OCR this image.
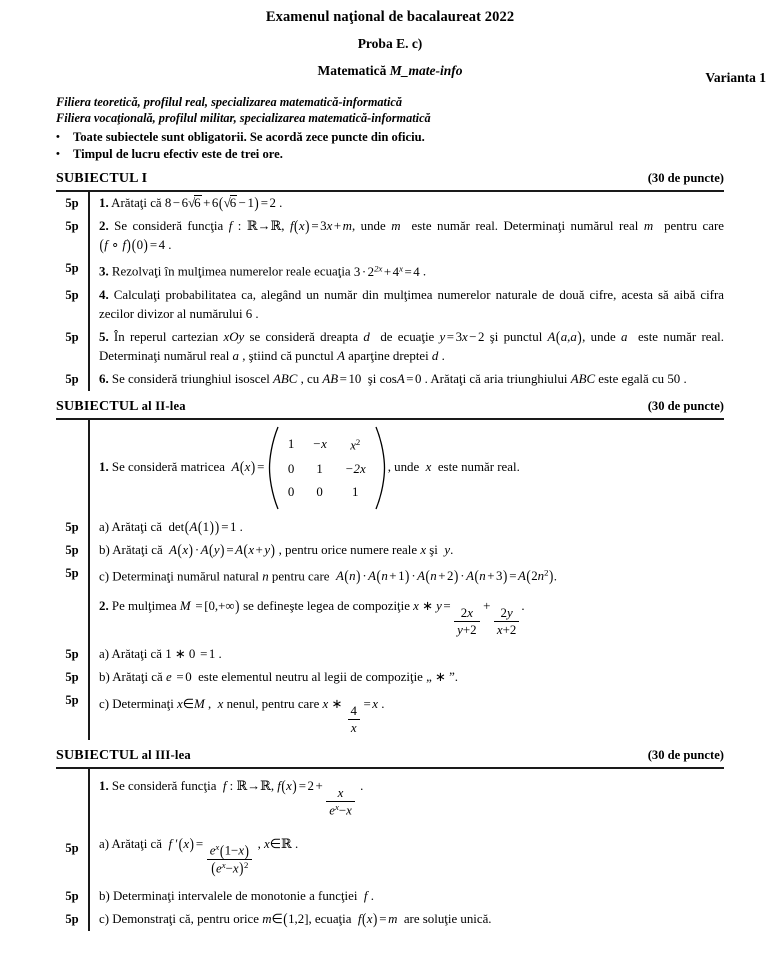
Examenul naţional de bacalaureat 2022
Proba E. c)
Matematică M_mate-info	Varianta 1
Filiera teoretică, profilul real, specializarea matematică-informatică
Filiera vocaţională, profilul militar, specializarea matematică-informatică
•	Toate subiectele sunt obligatorii. Se acordă zece puncte din oficiu.
•	Timpul de lucru efectiv este de trei ore.
SUBIECTUL I	(30 de puncte)
5p	1. Arătaţi că 8 − 6√6 + 6(√6 − 1) = 2 .
5p	2. Se consideră funcţia f : ℝ→ℝ, f(x) = 3x + m, unde m  este număr real. Determinaţi numărul real m  pentru care (f ∘ f)(0) = 4 .
5p	3. Rezolvaţi în mulţimea numerelor reale ecuaţia $3 \cdot 2^{2x} + 4^x = 4$ .
5p	4. Calculaţi probabilitatea ca, alegând un număr din mulţimea numerelor naturale de două cifre, acesta să aibă cifra zecilor divizor al numărului 6 .
5p	5. În reperul cartezian xOy se consideră dreapta d  de ecuaţie y = 3x − 2 şi punctul A(a,a), unde a  este număr real. Determinaţi numărul real a , ştiind că punctul A aparţine dreptei d .
5p	6. Se consideră triunghiul isoscel ABC , cu AB = 10  şi cosA = 0 . Arătaţi că aria triunghiului ABC este egală cu 50 .
SUBIECTUL al II-lea	(30 de puncte)
1. Se consideră matricea  A(x) =
1	−x	$x^2$
0	1	−2x
0	0	1
, unde  x  este număr real.
5p	a) Arătaţi că  det(A(1)) = 1 .
5p	b) Arătaţi că  A(x) · A(y) = A(x + y) , pentru orice numere reale x şi  y.
5p	c) Determinaţi numărul natural n pentru care  $A(n) \cdot A(n + 1) \cdot A(n + 2) \cdot A(n + 3) = A(2n^2)$.
2. Pe mulţimea M = [0,+∞) se defineşte legea de compoziţie x ∗ $y = \frac{2x}{y+2} + \frac{2y}{x+2}$ .
5p	a) Arătaţi că 1 ∗ 0 = 1 .
5p	b) Arătaţi că e = 0  este elementul neutru al legii de compoziţie „ ∗ ”.
5p	c) Determinaţi x∈M ,  x nenul, pentru care x ∗ $\frac{4}{x} = x$ .
SUBIECTUL al III-lea	(30 de puncte)
1. Se consideră funcţia  f : ℝ→ℝ, $f(x) = 2 + \frac{x}{e^x-x}$ .
5p	a) Arătaţi că  f $'(x) = \frac{e^x(1-x)}{(e^x-x)^2}$ , x∈ℝ .
5p	b) Determinaţi intervalele de monotonie a funcţiei  f .
5p	c) Demonstraţi că, pentru orice m∈(1,2], ecuaţia  f(x) = m  are soluţie unică.
